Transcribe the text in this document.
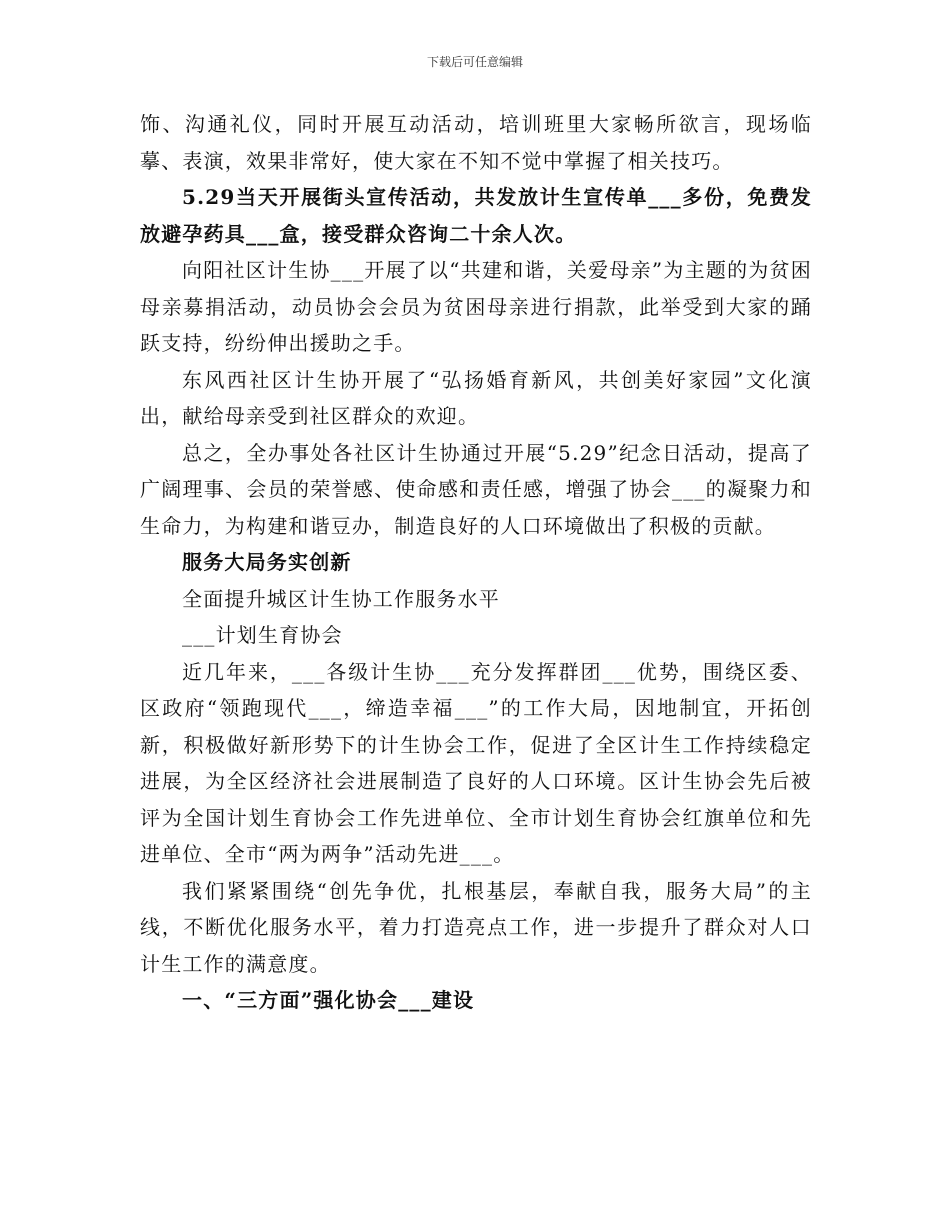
下载后可任意编辑

饰、沟通礼仪，同时开展互动活动，培训班里大家畅所欲言，现场临摹、表演，效果非常好，使大家在不知不觉中掌握了相关技巧。

5.29当天开展街头宣传活动，共发放计生宣传单___多份，免费发放避孕药具___盒，接受群众咨询二十余人次。

向阳社区计生协___开展了以“共建和谐，关爱母亲”为主题的为贫困母亲募捐活动，动员协会会员为贫困母亲进行捐款，此举受到大家的踊跃支持，纷纷伸出援助之手。

东风西社区计生协开展了“弘扬婚育新风，共创美好家园”文化演出，献给母亲受到社区群众的欢迎。

总之，全办事处各社区计生协通过开展“5.29”纪念日活动，提高了广阔理事、会员的荣誉感、使命感和责任感，增强了协会___的凝聚力和生命力，为构建和谐豆办，制造良好的人口环境做出了积极的贡献。

服务大局务实创新

全面提升城区计生协工作服务水平

___计划生育协会

近几年来，___各级计生协___充分发挥群团___优势，围绕区委、区政府“领跑现代___，缔造幸福___”的工作大局，因地制宜，开拓创新，积极做好新形势下的计生协会工作，促进了全区计生工作持续稳定进展，为全区经济社会进展制造了良好的人口环境。区计生协会先后被评为全国计划生育协会工作先进单位、全市计划生育协会红旗单位和先进单位、全市“两为两争”活动先进___。

我们紧紧围绕“创先争优，扎根基层，奉献自我，服务大局”的主线，不断优化服务水平，着力打造亮点工作，进一步提升了群众对人口计生工作的满意度。

一、“三方面”强化协会___建设
